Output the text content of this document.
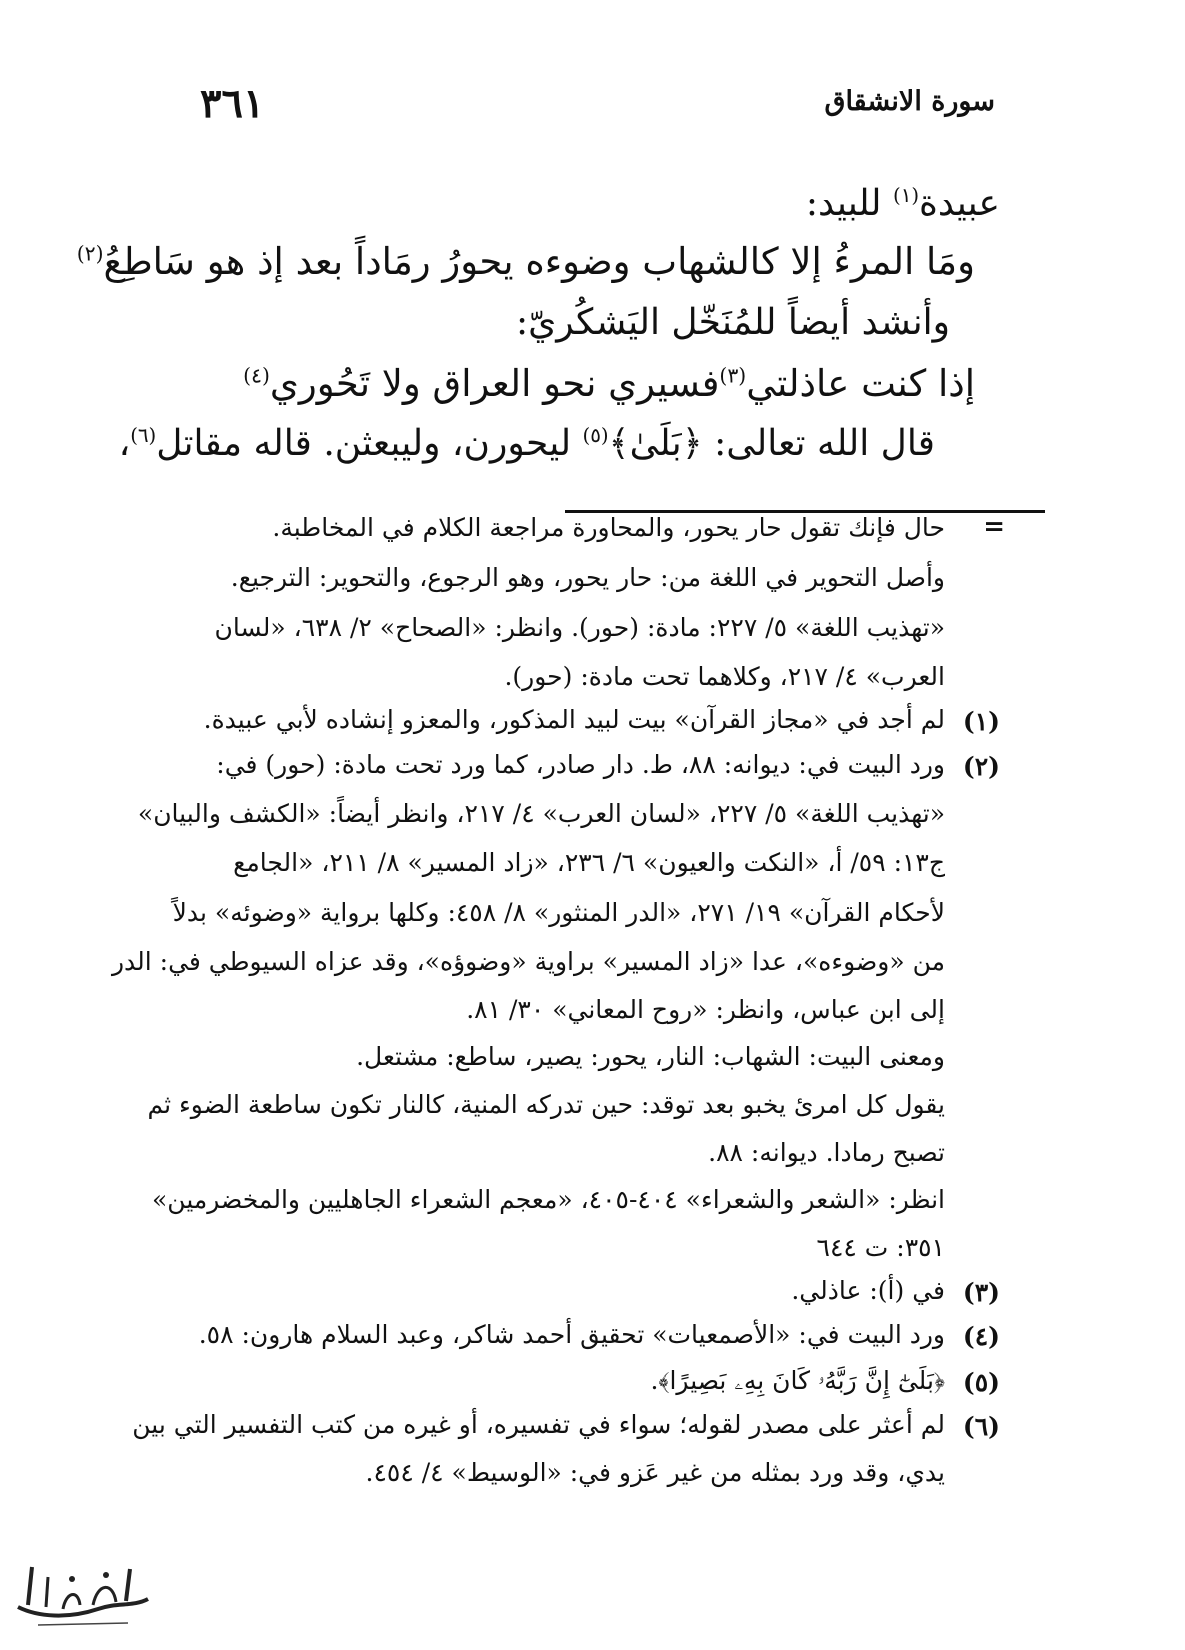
سورة الانشقاق
٣٦١
عبيدة$^{(١)}$ للبيد:
ومَا المرءُ إلا كالشهاب وضوءه يحورُ رمَاداً بعد إذ هو سَاطِعُ$^{(٢)}$
وأنشد أيضاً للمُنَخّل اليَشكُريّ:
إذا كنت عاذلتي$^{(٣)}$فسيري نحو العراق ولا تَحُوري$^{(٤)}$
قال الله تعالى: ﴿بَلَىٰ﴾$^{(٥)}$ ليحورن، وليبعثن. قاله مقاتل$^{(٦)}$،
=
حال فإنك تقول حار يحور، والمحاورة مراجعة الكلام في المخاطبة.
وأصل التحوير في اللغة من: حار يحور، وهو الرجوع، والتحوير: الترجيع.
«تهذيب اللغة» ٥/ ٢٢٧: مادة: (حور). وانظر: «الصحاح» ٢/ ٦٣٨، «لسان
العرب» ٤/ ٢١٧، وكلاهما تحت مادة: (حور).
(١)
لم أجد في «مجاز القرآن» بيت لبيد المذكور، والمعزو إنشاده لأبي عبيدة.
(٢)
ورد البيت في: ديوانه: ٨٨، ط. دار صادر، كما ورد تحت مادة: (حور) في:
«تهذيب اللغة» ٥/ ٢٢٧، «لسان العرب» ٤/ ٢١٧، وانظر أيضاً: «الكشف والبيان»
ج١٣: ٥٩/ أ، «النكت والعيون» ٦/ ٢٣٦، «زاد المسير» ٨/ ٢١١، «الجامع
لأحكام القرآن» ١٩/ ٢٧١، «الدر المنثور» ٨/ ٤٥٨: وكلها برواية «وضوئه» بدلاً
من «وضوءه»، عدا «زاد المسير» براوية «وضوؤه»، وقد عزاه السيوطي في: الدر
إلى ابن عباس، وانظر: «روح المعاني» ٣٠/ ٨١.
ومعنى البيت: الشهاب: النار، يحور: يصير، ساطع: مشتعل.
يقول كل امرئ يخبو بعد توقد: حين تدركه المنية، كالنار تكون ساطعة الضوء ثم
تصبح رمادا. ديوانه: ٨٨.
انظر: «الشعر والشعراء» ٤٠٤-٤٠٥، «معجم الشعراء الجاهليين والمخضرمين»
٣٥١: ت ٦٤٤
(٣)
في (أ): عاذلي.
(٤)
ورد البيت في: «الأصمعيات» تحقيق أحمد شاكر، وعبد السلام هارون: ٥٨.
(٥)
﴿بَلَىٰٓ إِنَّ رَبَّهُۥ كَانَ بِهِۦ بَصِيرًا﴾.
(٦)
لم أعثر على مصدر لقوله؛ سواء في تفسيره، أو غيره من كتب التفسير التي بين
يدي، وقد ورد بمثله من غير عَزو في: «الوسيط» ٤/ ٤٥٤.
